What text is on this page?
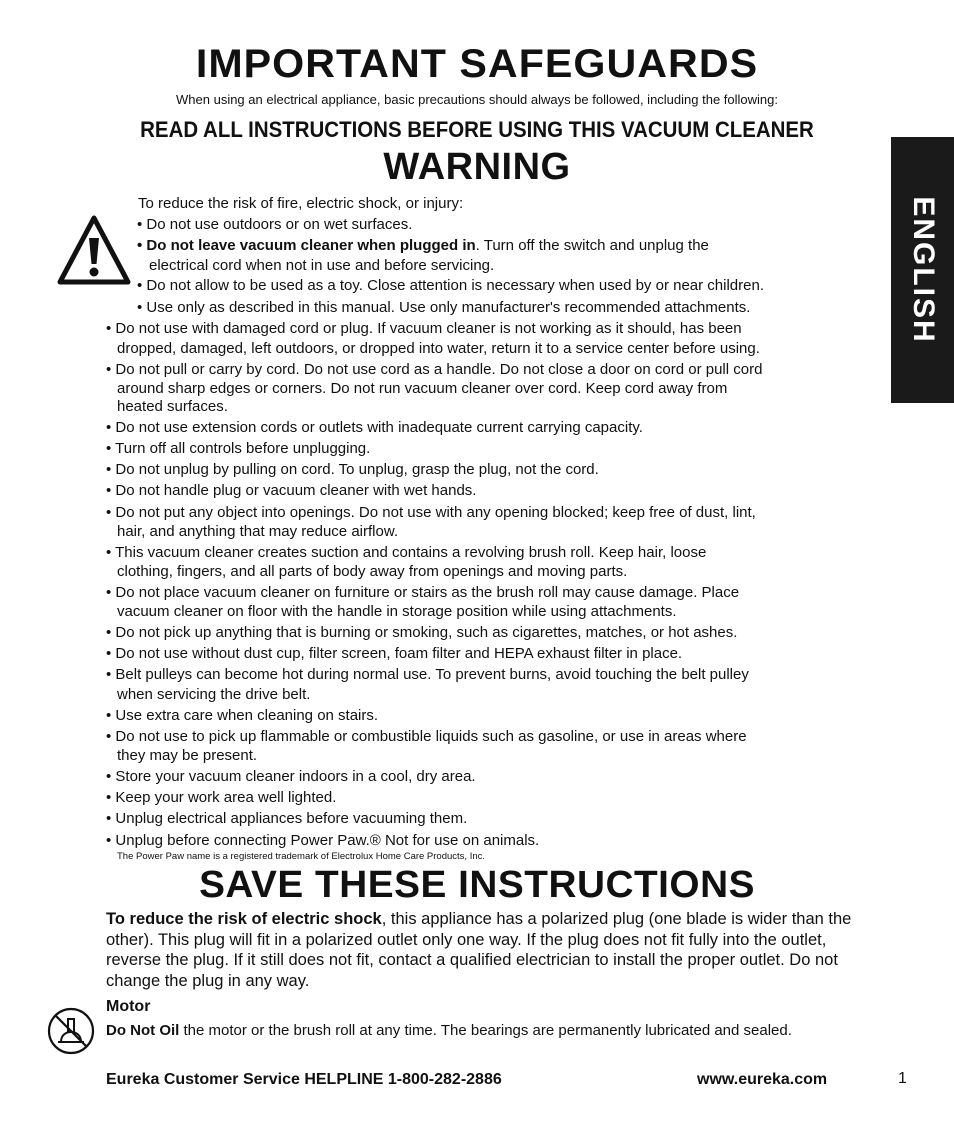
IMPORTANT SAFEGUARDS
When using an electrical appliance, basic precautions should always be followed, including the following:
READ ALL INSTRUCTIONS BEFORE USING THIS VACUUM CLEANER
WARNING
ENGLISH
To reduce the risk of fire, electric shock, or injury:
• Do not use outdoors or on wet surfaces.
• Do not leave vacuum cleaner when plugged in. Turn off the switch and unplug the
electrical cord when not in use and before servicing.
• Do not allow to be used as a toy. Close attention is necessary when used by or near children.
• Use only as described in this manual. Use only manufacturer's recommended attachments.
• Do not use with damaged cord or plug. If vacuum cleaner is not working as it should, has been
dropped, damaged, left outdoors, or dropped into water, return it to a service center before using.
• Do not pull or carry by cord. Do not use cord as a handle. Do not close a door on cord or pull cord
around sharp edges or corners. Do not run vacuum cleaner over cord. Keep cord away from
heated surfaces.
• Do not use extension cords or outlets with inadequate current carrying capacity.
• Turn off all controls before unplugging.
• Do not unplug by pulling on cord. To unplug, grasp the plug, not the cord.
• Do not handle plug or vacuum cleaner with wet hands.
• Do not put any object into openings. Do not use with any opening blocked; keep free of dust, lint,
hair, and anything that may reduce airflow.
• This vacuum cleaner creates suction and contains a revolving brush roll. Keep hair, loose
clothing, fingers, and all parts of body away from openings and moving parts.
• Do not place vacuum cleaner on furniture or stairs as the brush roll may cause damage. Place
vacuum cleaner on floor with the handle in storage position while using attachments.
• Do not pick up anything that is burning or smoking, such as cigarettes, matches, or hot ashes.
• Do not use without dust cup, filter screen, foam filter and HEPA exhaust filter in place.
• Belt pulleys can become hot during normal use. To prevent burns, avoid touching the belt pulley
when servicing the drive belt.
• Use extra care when cleaning on stairs.
• Do not use to pick up flammable or combustible liquids such as gasoline, or use in areas where
they may be present.
• Store your vacuum cleaner indoors in a cool, dry area.
• Keep your work area well lighted.
• Unplug electrical appliances before vacuuming them.
• Unplug before connecting Power Paw.® Not for use on animals.
The Power Paw name is a registered trademark of Electrolux Home Care Products, Inc.
SAVE THESE INSTRUCTIONS
To reduce the risk of electric shock, this appliance has a polarized plug (one blade is wider than the other). This plug will fit in a polarized outlet only one way. If the plug does not fit fully into the outlet, reverse the plug. If it still does not fit, contact a qualified electrician to install the proper outlet. Do not change the plug in any way.
Motor
Do Not Oil the motor or the brush roll at any time. The bearings are permanently lubricated and sealed.
Eureka Customer Service HELPLINE 1-800-282-2886	www.eureka.com	1
